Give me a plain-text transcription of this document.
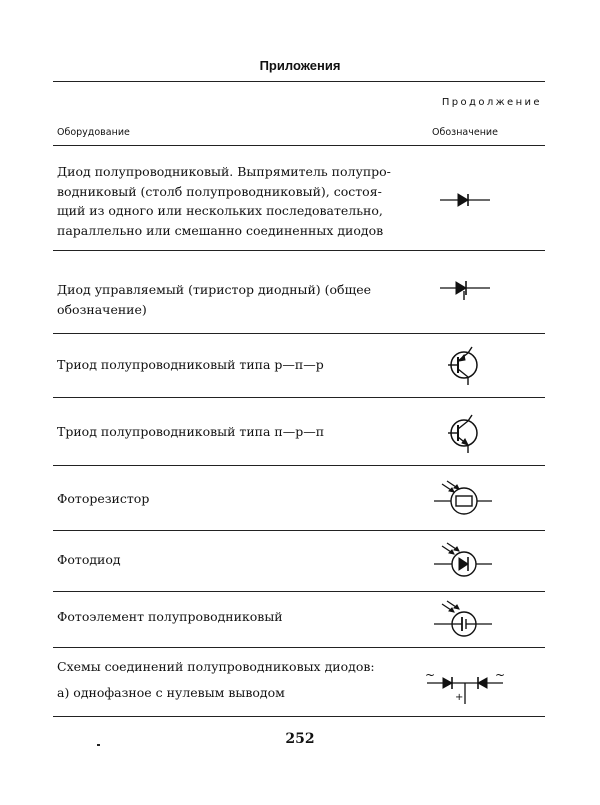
Приложения
Продолжение
Оборудование	Обозначение
Диод полупроводниковый. Выпрямитель полупро-
водниковый (столб полупроводниковый), состоя-
щий из одного или нескольких последовательно,
параллельно или смешанно соединенных диодов
Диод управляемый (тиристор диодный) (общее
обозначение)
Триод полупроводниковый типа р—п—р
Триод полупроводниковый типа п—р—п
Фоторезистор
Фотодиод
Фотоэлемент полупроводниковый
Схемы соединений полупроводниковых диодов:
а) однофазное с нулевым выводом
~	~
+
252
